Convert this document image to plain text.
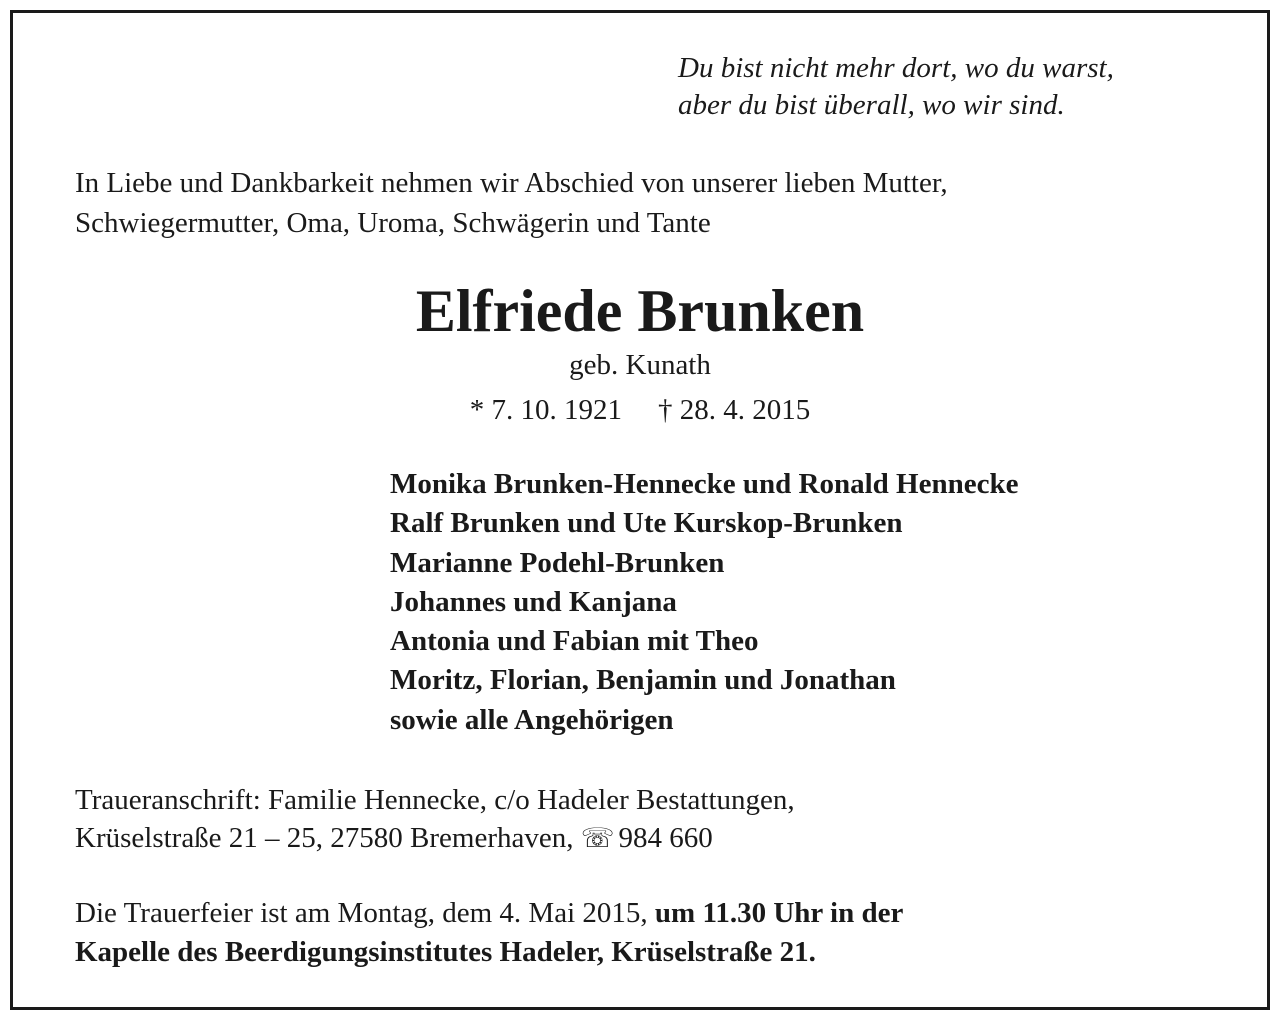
Du bist nicht mehr dort, wo du warst,
aber du bist überall, wo wir sind.
In Liebe und Dankbarkeit nehmen wir Abschied von unserer lieben Mutter,
Schwiegermutter, Oma, Uroma, Schwägerin und Tante
Elfriede Brunken
geb. Kunath
* 7. 10. 1921 † 28. 4. 2015
Monika Brunken-Hennecke und Ronald Hennecke
Ralf Brunken und Ute Kurskop-Brunken
Marianne Podehl-Brunken
Johannes und Kanjana
Antonia und Fabian mit Theo
Moritz, Florian, Benjamin und Jonathan
sowie alle Angehörigen
Traueranschrift: Familie Hennecke, c/o Hadeler Bestattungen,
Krüselstraße 21 – 25, 27580 Bremerhaven, ☏ 984 660
Die Trauerfeier ist am Montag, dem 4. Mai 2015, um 11.30 Uhr in der
Kapelle des Beerdigungsinstitutes Hadeler, Krüselstraße 21.
